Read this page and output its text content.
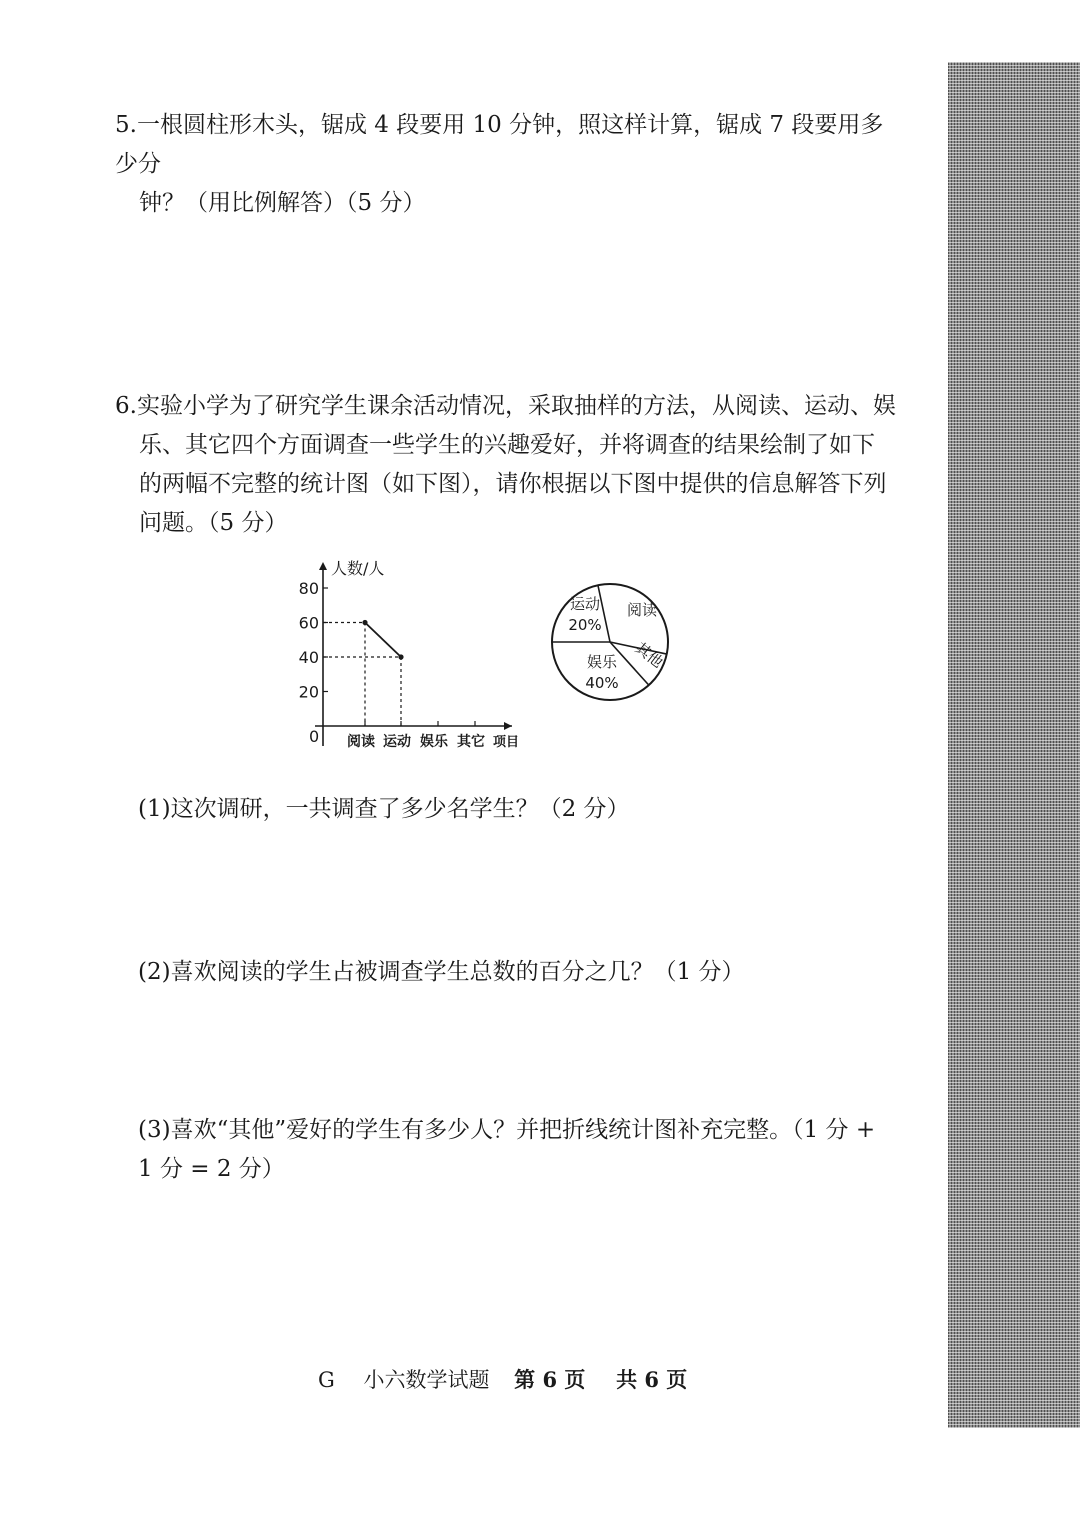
5.一根圆柱形木头，锯成 4 段要用 10 分钟，照这样计算，锯成 7 段要用多少分

钟？（用比例解答）（5 分）

6.实验小学为了研究学生课余活动情况，采取抽样的方法，从阅读、运动、娱

乐、其它四个方面调查一些学生的兴趣爱好，并将调查的结果绘制了如下

的两幅不完整的统计图（如下图），请你根据以下图中提供的信息解答下列

问题。（5 分）

20
40
60
80
人数/人
0 阅读 运动 娱乐 其它 项目
运动
20%
阅读
其他
娱乐
40%

(1)这次调研，一共调查了多少名学生？（2 分）

(2)喜欢阅读的学生占被调查学生总数的百分之几？（1 分）

(3)喜欢“其他”爱好的学生有多少人？并把折线统计图补充完整。（1 分 +

1 分 = 2 分）

G 小六数学试题 第 6 页 共 6 页
